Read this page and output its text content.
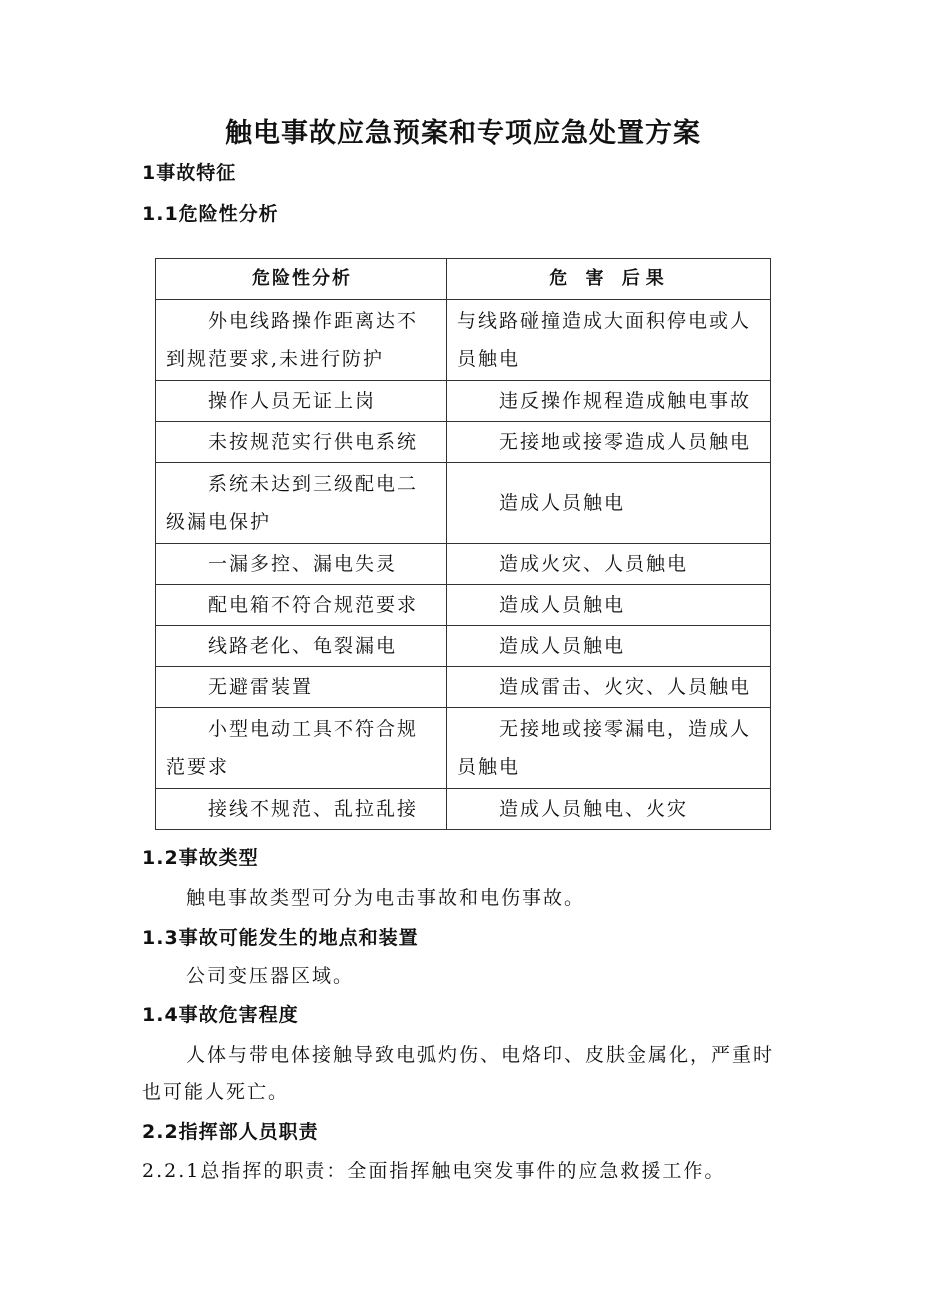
触电事故应急预案和专项应急处置方案
1事故特征
1.1危险性分析
危险性分析	危 害 后果

外电线路操作距离达不到规范要求,未进行防护	与线路碰撞造成大面积停电或人员触电

操作人员无证上岗	违反操作规程造成触电事故

未按规范实行供电系统	无接地或接零造成人员触电

系统未达到三级配电二级漏电保护	造成人员触电

一漏多控、漏电失灵	造成火灾、人员触电

配电箱不符合规范要求	造成人员触电

线路老化、龟裂漏电	造成人员触电

无避雷装置	造成雷击、火灾、人员触电

小型电动工具不符合规范要求	无接地或接零漏电，造成人员触电

接线不规范、乱拉乱接	造成人员触电、火灾
1.2事故类型
触电事故类型可分为电击事故和电伤事故。
1.3事故可能发生的地点和装置
公司变压器区域。
1.4事故危害程度
人体与带电体接触导致电弧灼伤、电烙印、皮肤金属化，严重时
也可能人死亡。
2.2指挥部人员职责
2.2.1总指挥的职责：全面指挥触电突发事件的应急救援工作。
